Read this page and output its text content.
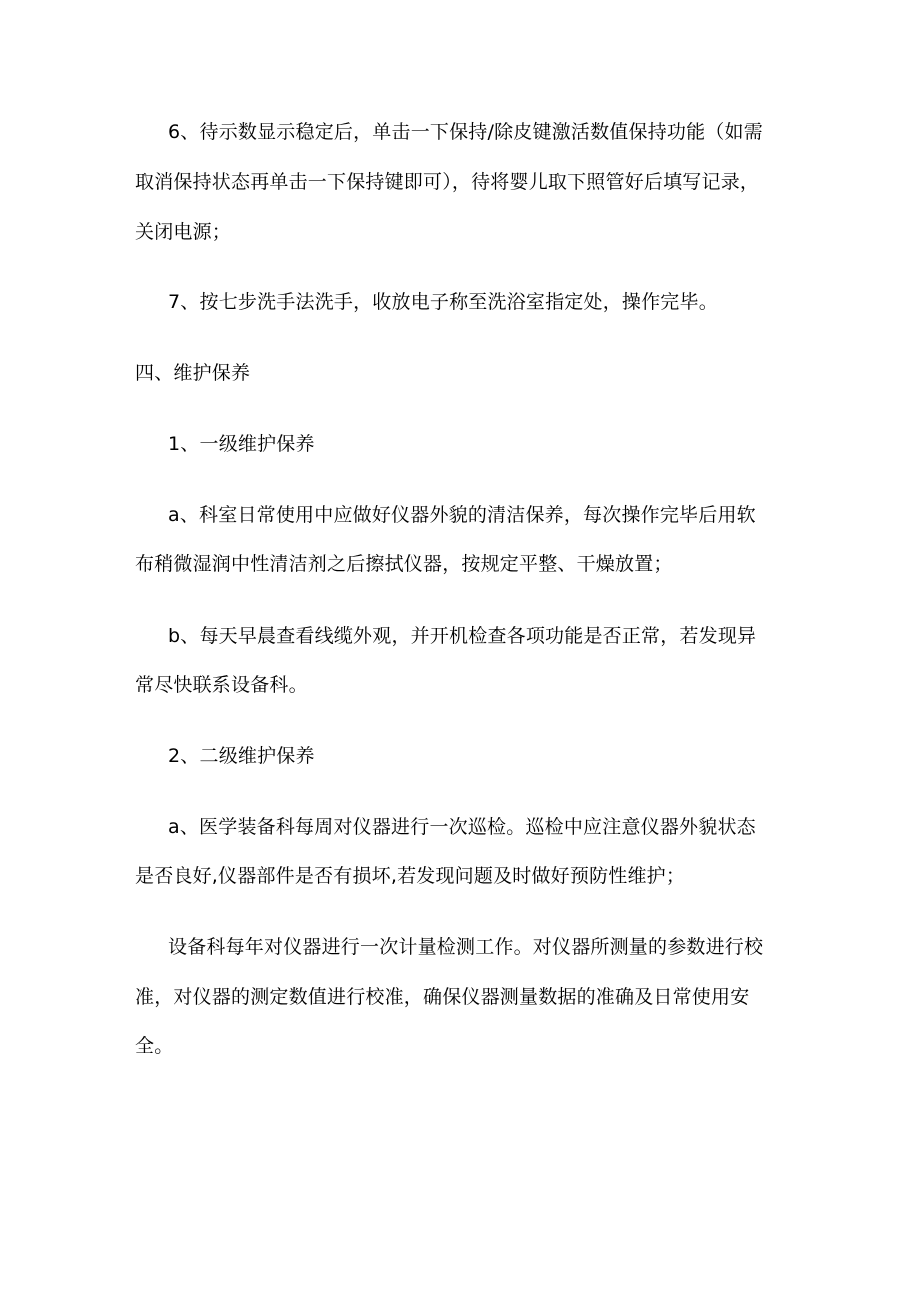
6、待示数显示稳定后，单击一下保持/除皮键激活数值保持功能（如需
取消保持状态再单击一下保持键即可），待将婴儿取下照管好后填写记录，
关闭电源；
7、按七步洗手法洗手，收放电子称至洗浴室指定处，操作完毕。
四、维护保养
1、一级维护保养
a、科室日常使用中应做好仪器外貌的清洁保养，每次操作完毕后用软
布稍微湿润中性清洁剂之后擦拭仪器，按规定平整、干燥放置；
b、每天早晨查看线缆外观，并开机检查各项功能是否正常，若发现异
常尽快联系设备科。
2、二级维护保养
a、医学装备科每周对仪器进行一次巡检。巡检中应注意仪器外貌状态
是否良好,仪器部件是否有损坏,若发现问题及时做好预防性维护；
设备科每年对仪器进行一次计量检测工作。对仪器所测量的参数进行校
准，对仪器的测定数值进行校准，确保仪器测量数据的准确及日常使用安
全。
